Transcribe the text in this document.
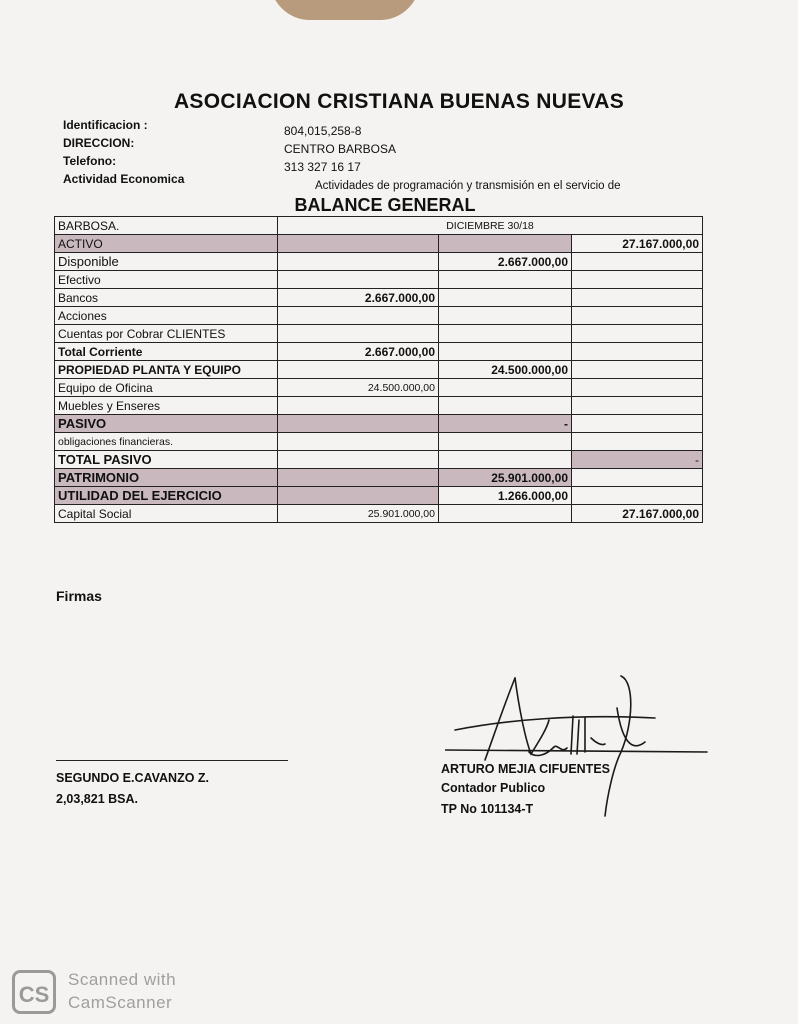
ASOCIACION CRISTIANA BUENAS NUEVAS
Identificacion :	804,015,258-8
DIRECCION:	CENTRO BARBOSA
Telefono:	313 327 16 17
Actividad Economica	Actividades de programación y transmisión en el servicio de
BALANCE GENERAL
BARBOSA.	DICIEMBRE 30/18		
ACTIVO			27.167.000,00
Disponible		2.667.000,00	
Efectivo			
Bancos	2.667.000,00		
Acciones			
Cuentas por Cobrar CLIENTES			
Total Corriente	2.667.000,00		
PROPIEDAD PLANTA Y EQUIPO		24.500.000,00	
Equipo de Oficina	24.500.000,00		
Muebles y Enseres			
PASIVO		-	
obligaciones financieras.			
TOTAL PASIVO			-
PATRIMONIO		25.901.000,00	
UTILIDAD DEL EJERCICIO		1.266.000,00	
Capital Social	25.901.000,00		27.167.000,00
Firmas
SEGUNDO E.CAVANZO Z.
2,03,821 BSA.
ARTURO MEJIA CIFUENTES
Contador Publico
TP No 101134-T
CS
Scanned with
CamScanner
